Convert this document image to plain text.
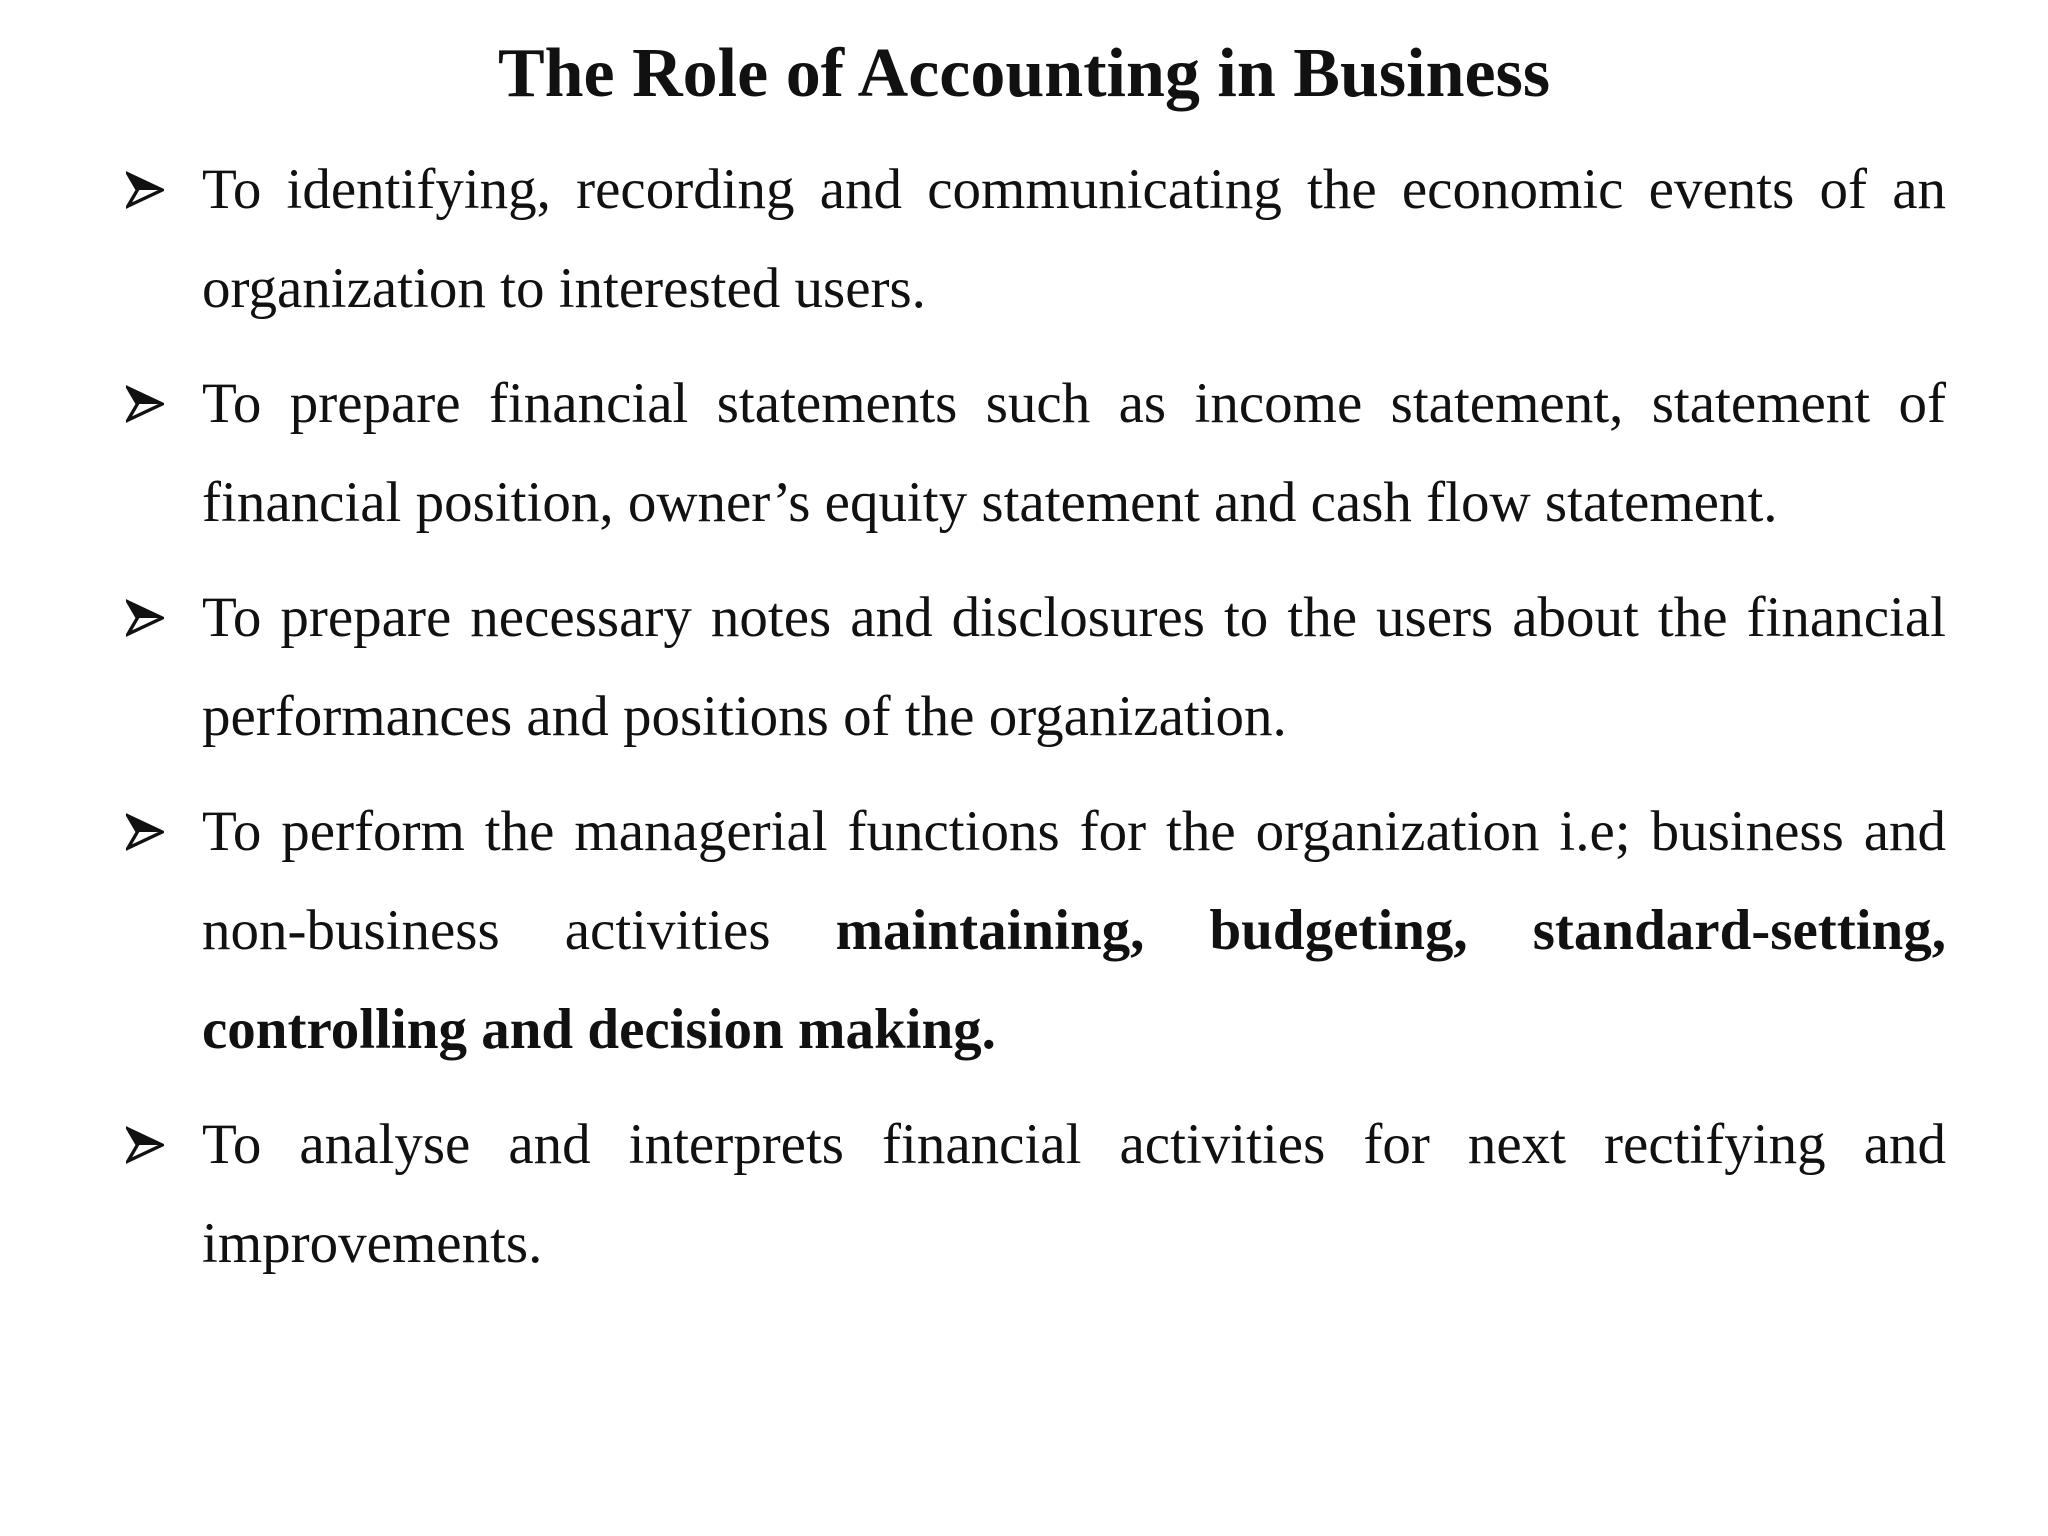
The Role of Accounting in Business
To identifying, recording and communicating the economic events of an organization to interested users.
To prepare financial statements such as income statement, statement of financial position, owner’s equity statement and cash flow statement.
To prepare necessary notes and disclosures to the users about the financial performances and positions of the organization.
To perform the managerial functions for the organization i.e; business and non-business activities maintaining, budgeting, standard-setting, controlling and decision making.
To analyse and interprets financial activities for next rectifying and improvements.
